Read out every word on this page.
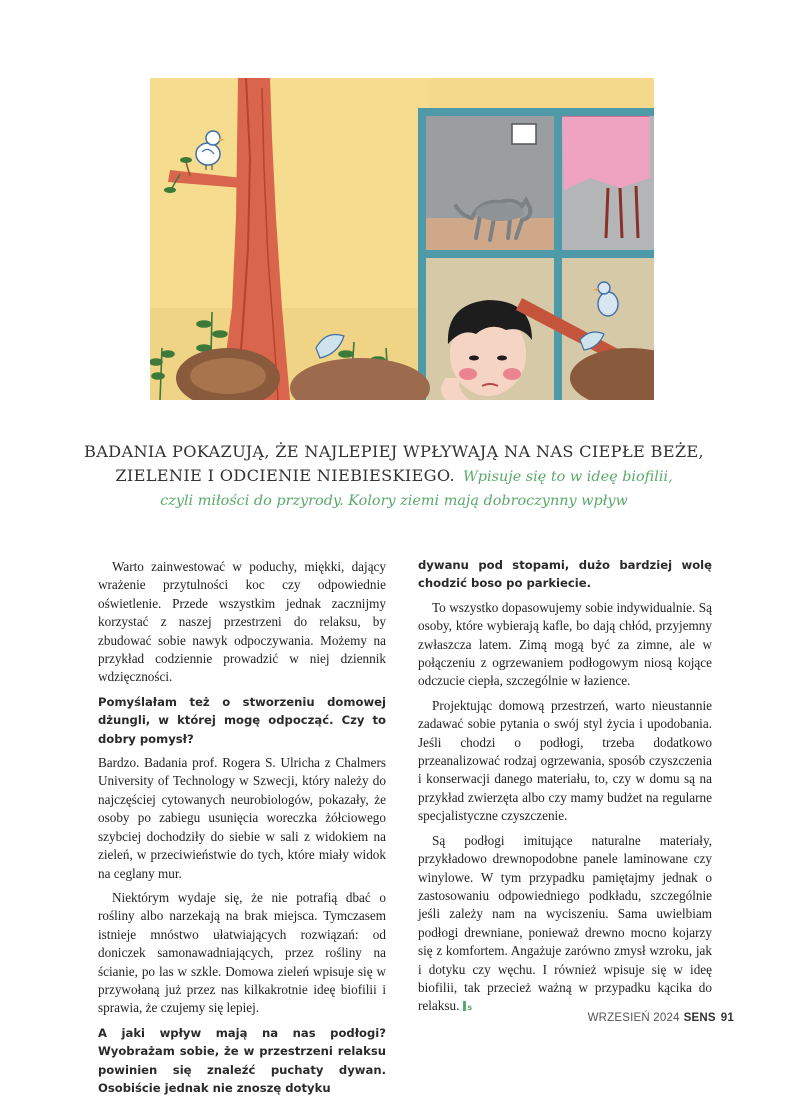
BADANIA POKAZUJĄ, ŻE NAJLEPIEJ WPŁYWAJĄ NA NAS CIEPŁE BEŻE,
ZIELENIE I ODCIENIE NIEBIESKIEGO. Wpisuje się to w ideę biofilii,
czyli miłości do przyrody. Kolory ziemi mają dobroczynny wpływ

Warto zainwestować w poduchy, miękki, dający wrażenie przytulności koc czy odpowiednie oświetlenie. Przede wszystkim jednak zacznijmy korzystać z naszej przestrzeni do relaksu, by zbudować sobie nawyk odpoczywania. Możemy na przykład codziennie prowadzić w niej dziennik wdzięczności.

Pomyślałam też o stworzeniu domowej dżungli, w której mogę odpocząć. Czy to dobry pomysł?

Bardzo. Badania prof. Rogera S. Ulricha z Chalmers University of Technology w Szwecji, który należy do najczęściej cytowanych neurobiologów, pokazały, że osoby po zabiegu usunięcia woreczka żółciowego szybciej dochodziły do siebie w sali z widokiem na zieleń, w przeciwieństwie do tych, które miały widok na ceglany mur.

Niektórym wydaje się, że nie potrafią dbać o rośliny albo narzekają na brak miejsca. Tymczasem istnieje mnóstwo ułatwiających rozwiązań: od doniczek samonawadniających, przez rośliny na ścianie, po las w szkle. Domowa zieleń wpisuje się w przywołaną już przez nas kilkakrotnie ideę biofilii i sprawia, że czujemy się lepiej.

A jaki wpływ mają na nas podłogi? Wyobrażam sobie, że w przestrzeni relaksu powinien się znaleźć puchaty dywan. Osobiście jednak nie znoszę dotyku

dywanu pod stopami, dużo bardziej wolę chodzić boso po parkiecie.

To wszystko dopasowujemy sobie indywidualnie. Są osoby, które wybierają kafle, bo dają chłód, przyjemny zwłaszcza latem. Zimą mogą być za zimne, ale w połączeniu z ogrzewaniem podłogowym niosą kojące odczucie ciepła, szczególnie w łazience.

Projektując domową przestrzeń, warto nieustannie zadawać sobie pytania o swój styl życia i upodobania. Jeśli chodzi o podłogi, trzeba dodatkowo przeanalizować rodzaj ogrzewania, sposób czyszczenia i konserwacji danego materiału, to, czy w domu są na przykład zwierzęta albo czy mamy budżet na regularne specjalistyczne czyszczenie.

Są podłogi imitujące naturalne materiały, przykładowo drewnopodobne panele laminowane czy winylowe. W tym przypadku pamiętajmy jednak o zastosowaniu odpowiedniego podkładu, szczególnie jeśli zależy nam na wyciszeniu. Sama uwielbiam podłogi drewniane, ponieważ drewno mocno kojarzy się z komfortem. Angażuje zarówno zmysł wzroku, jak i dotyku czy węchu. I również wpisuje się w ideę biofilii, tak przecież ważną w przypadku kącika do relaksu. s

WRZESIEŃ 2024 SENS 91
